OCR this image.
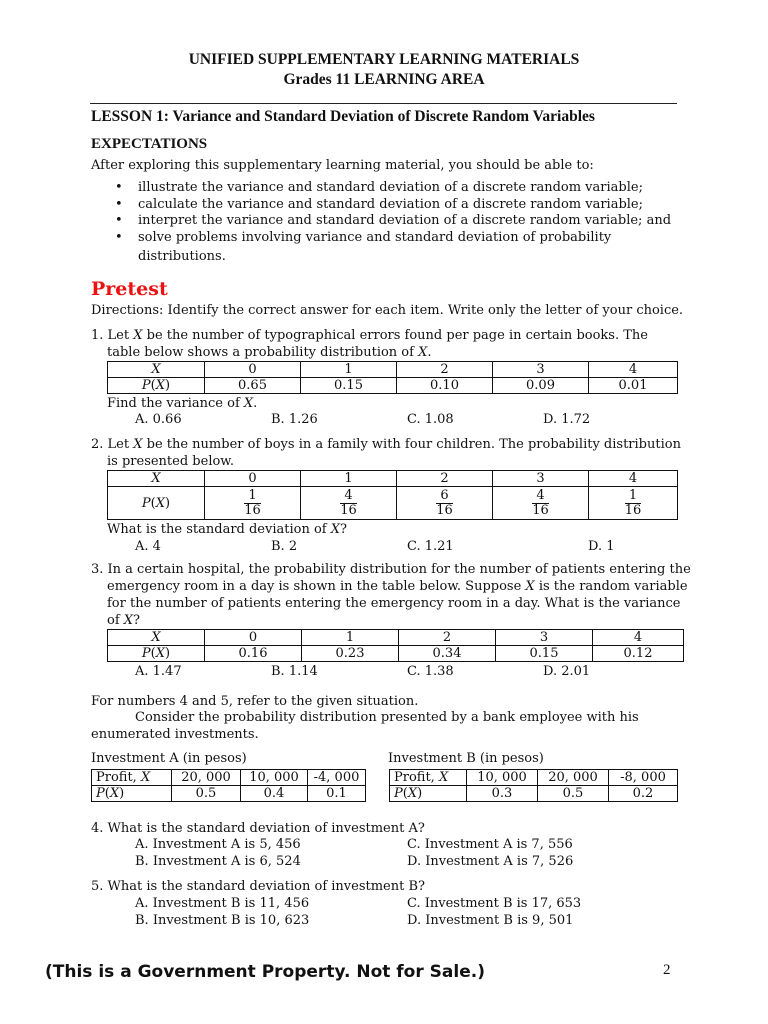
UNIFIED SUPPLEMENTARY LEARNING MATERIALS
Grades 11 LEARNING AREA
LESSON 1: Variance and Standard Deviation of Discrete Random Variables
EXPECTATIONS
After exploring this supplementary learning material, you should be able to:
• illustrate the variance and standard deviation of a discrete random variable;
• calculate the variance and standard deviation of a discrete random variable;
• interpret the variance and standard deviation of a discrete random variable; and
• solve problems involving variance and standard deviation of probability
distributions.
Pretest
Directions: Identify the correct answer for each item. Write only the letter of your choice.
1. Let X be the number of typographical errors found per page in certain books. The
table below shows a probability distribution of X.
X	0	1	2	3	4
P(X)	0.65	0.15	0.10	0.09	0.01
Find the variance of X.
A. 0.66	B. 1.26	C. 1.08	D. 1.72
2. Let X be the number of boys in a family with four children. The probability distribution
is presented below.
X	0	1	2	3	4
P(X)	$\frac{1}{16}$	$\frac{4}{16}$	$\frac{6}{16}$	$\frac{4}{16}$	$\frac{1}{16}$
What is the standard deviation of X?
A. 4	B. 2	C. 1.21	D. 1
3. In a certain hospital, the probability distribution for the number of patients entering the
emergency room in a day is shown in the table below. Suppose X is the random variable
for the number of patients entering the emergency room in a day. What is the variance
of X?
X	0	1	2	3	4
P(X)	0.16	0.23	0.34	0.15	0.12
A. 1.47	B. 1.14	C. 1.38	D. 2.01
For numbers 4 and 5, refer to the given situation.
Consider the probability distribution presented by a bank employee with his
enumerated investments.
Investment A (in pesos)
Profit, X	20, 000	10, 000	-4, 000
P(X)	0.5	0.4	0.1
Investment B (in pesos)
Profit, X	10, 000	20, 000	-8, 000
P(X)	0.3	0.5	0.2
4. What is the standard deviation of investment A?
A. Investment A is 5, 456
B. Investment A is 6, 524
C. Investment A is 7, 556
D. Investment A is 7, 526
5. What is the standard deviation of investment B?
A. Investment B is 11, 456
B. Investment B is 10, 623
C. Investment B is 17, 653
D. Investment B is 9, 501
(This is a Government Property. Not for Sale.)	2
